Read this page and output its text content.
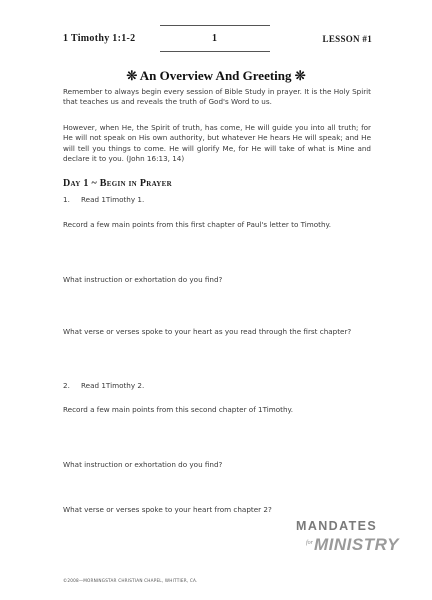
1 Timothy 1:1-2	1	LESSON #1
❊ An Overview And Greeting ❊

Remember to always begin every session of Bible Study in prayer. It is the Holy Spirit that teaches us and reveals the truth of God's Word to us.

However, when He, the Spirit of truth, has come, He will guide you into all truth; for He will not speak on His own authority, but whatever He hears He will speak; and He will tell you things to come. He will glorify Me, for He will take of what is Mine and declare it to you. (John 16:13, 14)

Day 1 ~ Begin in Prayer
1. Read 1Timothy 1.
Record a few main points from this first chapter of Paul's letter to Timothy.
What instruction or exhortation do you find?
What verse or verses spoke to your heart as you read through the first chapter?
2. Read 1Timothy 2.
Record a few main points from this second chapter of 1Timothy.
What instruction or exhortation do you find?
What verse or verses spoke to your heart from chapter 2?
©2008—MORNINGSTAR CHRISTIAN CHAPEL, WHITTIER, CA.
MANDATES
for MINISTRY
